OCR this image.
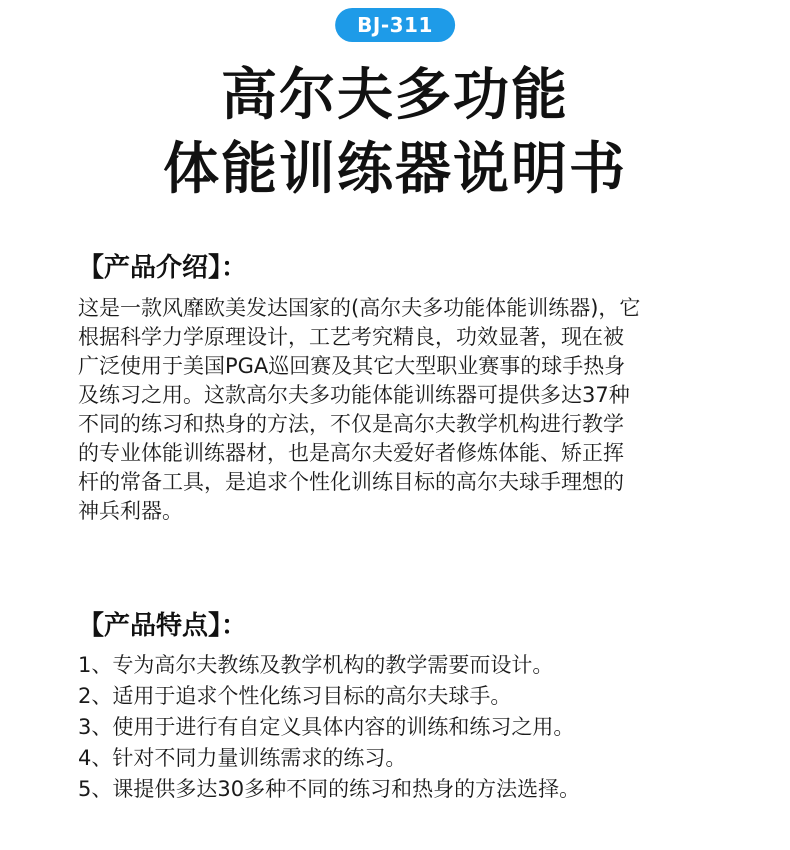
BJ-311
高尔夫多功能
体能训练器说明书
【产品介绍】：
这是一款风靡欧美发达国家的(高尔夫多功能体能训练器)，它
根据科学力学原理设计，工艺考究精良，功效显著，现在被
广泛使用于美国PGA巡回赛及其它大型职业赛事的球手热身
及练习之用。这款高尔夫多功能体能训练器可提供多达37种
不同的练习和热身的方法，不仅是高尔夫教学机构进行教学
的专业体能训练器材，也是高尔夫爱好者修炼体能、矫正挥
杆的常备工具，是追求个性化训练目标的高尔夫球手理想的
神兵利器。
【产品特点】：
1、专为高尔夫教练及教学机构的教学需要而设计。
2、适用于追求个性化练习目标的高尔夫球手。
3、使用于进行有自定义具体内容的训练和练习之用。
4、针对不同力量训练需求的练习。
5、课提供多达30多种不同的练习和热身的方法选择。
